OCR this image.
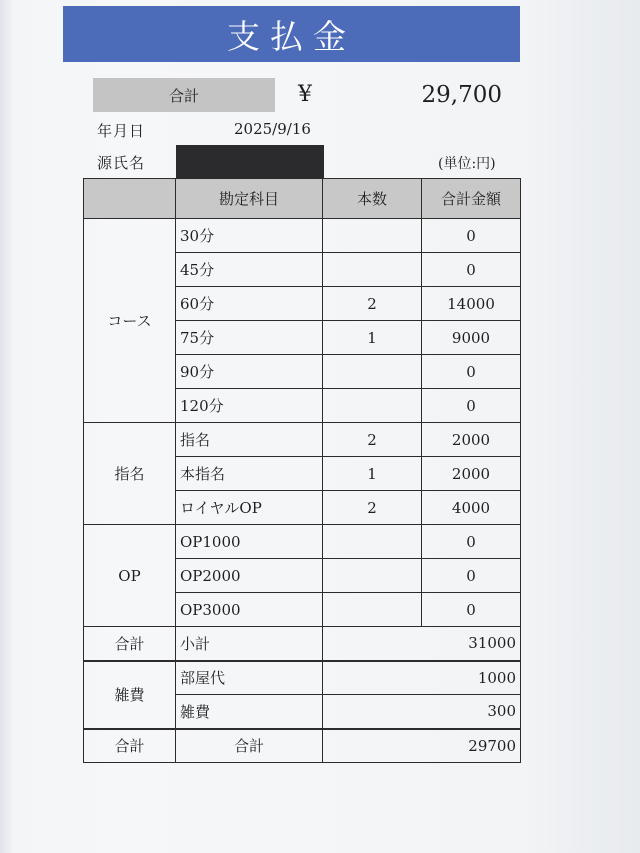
支払金
合計	¥	29,700
年月日	2025/9/16
源氏名	(単位:円)
	勘定科目	本数	合計金額
コース	30分		0
	45分		0
	60分	2	14000
	75分	1	9000
	90分		0
	120分		0
指名	指名	2	2000
	本指名	1	2000
	ロイヤルOP	2	4000
OP	OP1000		0
	OP2000		0
	OP3000		0
合計	小計	31000	
雑費	部屋代	1000	
	雑費	300	
合計	合計	29700	
